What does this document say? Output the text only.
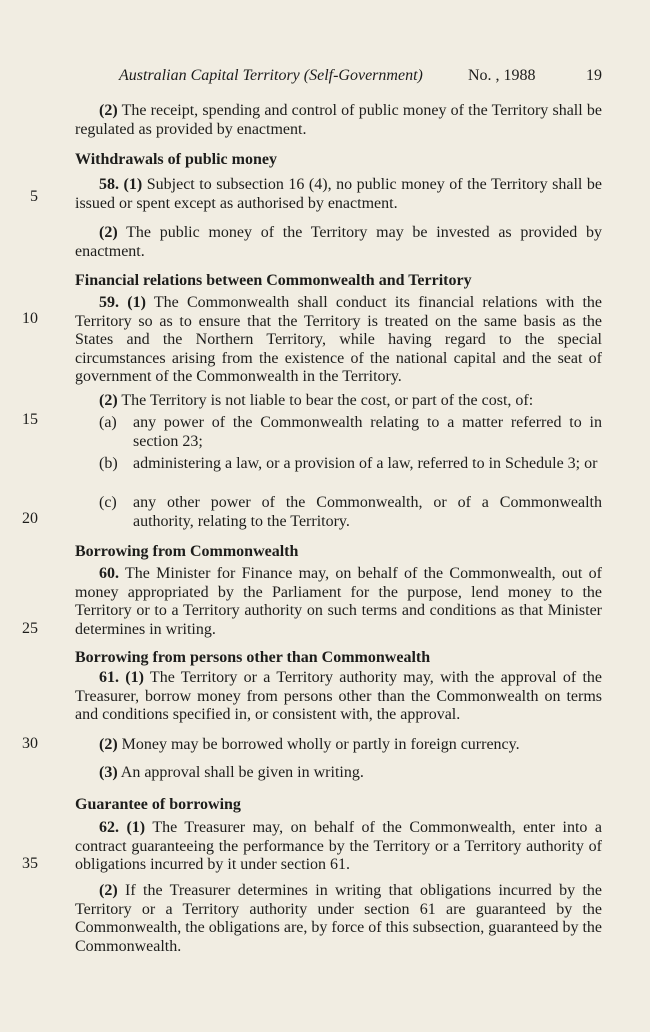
Australian Capital Territory (Self-Government)	No. , 1988	19
5
10
15
20
25
30
35
(2) The receipt, spending and control of public money of the Territory shall be regulated as provided by enactment.
Withdrawals of public money
58. (1) Subject to subsection 16 (4), no public money of the Territory shall be issued or spent except as authorised by enactment.
(2) The public money of the Territory may be invested as provided by enactment.
Financial relations between Commonwealth and Territory
59. (1) The Commonwealth shall conduct its financial relations with the Territory so as to ensure that the Territory is treated on the same basis as the States and the Northern Territory, while having regard to the special circumstances arising from the existence of the national capital and the seat of government of the Commonwealth in the Territory.
(2) The Territory is not liable to bear the cost, or part of the cost, of:
(a) any power of the Commonwealth relating to a matter referred to in section 23;
(b) administering a law, or a provision of a law, referred to in Schedule 3; or
(c) any other power of the Commonwealth, or of a Commonwealth authority, relating to the Territory.
Borrowing from Commonwealth
60. The Minister for Finance may, on behalf of the Commonwealth, out of money appropriated by the Parliament for the purpose, lend money to the Territory or to a Territory authority on such terms and conditions as that Minister determines in writing.
Borrowing from persons other than Commonwealth
61. (1) The Territory or a Territory authority may, with the approval of the Treasurer, borrow money from persons other than the Commonwealth on terms and conditions specified in, or consistent with, the approval.
(2) Money may be borrowed wholly or partly in foreign currency.
(3) An approval shall be given in writing.
Guarantee of borrowing
62. (1) The Treasurer may, on behalf of the Commonwealth, enter into a contract guaranteeing the performance by the Territory or a Territory authority of obligations incurred by it under section 61.
(2) If the Treasurer determines in writing that obligations incurred by the Territory or a Territory authority under section 61 are guaranteed by the Commonwealth, the obligations are, by force of this subsection, guaranteed by the Commonwealth.
